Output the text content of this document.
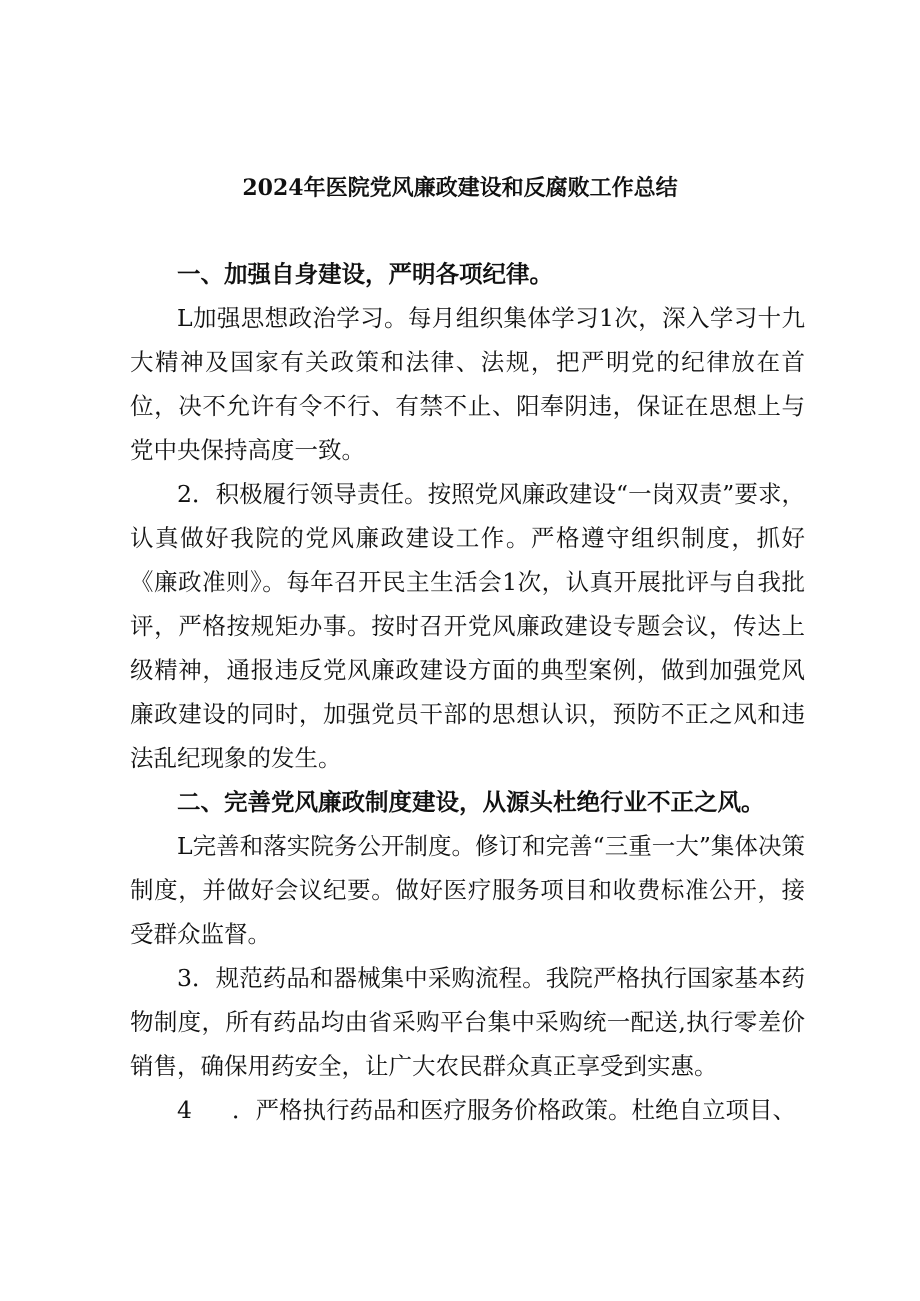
2024年医院党风廉政建设和反腐败工作总结

一、加强自身建设，严明各项纪律。

L加强思想政治学习。每月组织集体学习1次，深入学习十九大精神及国家有关政策和法律、法规，把严明党的纪律放在首位，决不允许有令不行、有禁不止、阳奉阴违，保证在思想上与党中央保持高度一致。

2．积极履行领导责任。按照党风廉政建设“一岗双责”要求，认真做好我院的党风廉政建设工作。严格遵守组织制度，抓好《廉政准则》。每年召开民主生活会1次，认真开展批评与自我批评，严格按规矩办事。按时召开党风廉政建设专题会议，传达上级精神，通报违反党风廉政建设方面的典型案例，做到加强党风廉政建设的同时，加强党员干部的思想认识，预防不正之风和违法乱纪现象的发生。

二、完善党风廉政制度建设，从源头杜绝行业不正之风。

L完善和落实院务公开制度。修订和完善“三重一大”集体决策制度，并做好会议纪要。做好医疗服务项目和收费标准公开，接受群众监督。

3．规范药品和器械集中采购流程。我院严格执行国家基本药物制度，所有药品均由省采购平台集中采购统一配送,执行零差价销售，确保用药安全，让广大农民群众真正享受到实惠。

4 ．严格执行药品和医疗服务价格政策。杜绝自立项目、
